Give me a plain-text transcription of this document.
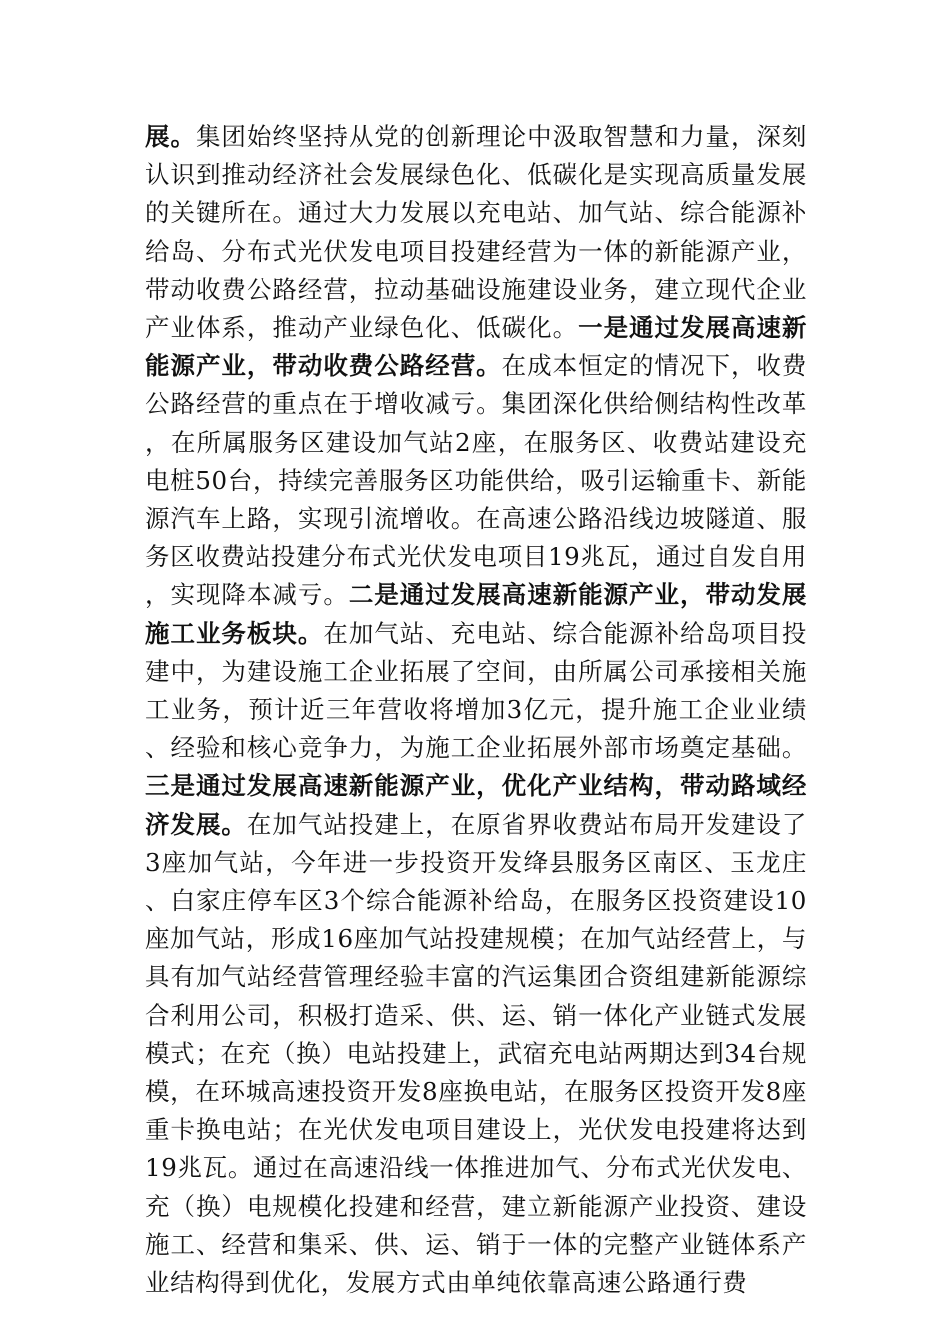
展。集团始终坚持从党的创新理论中汲取智慧和力量，深刻认识到推动经济社会发展绿色化、低碳化是实现高质量发展的关键所在。通过大力发展以充电站、加气站、综合能源补给岛、分布式光伏发电项目投建经营为一体的新能源产业，带动收费公路经营，拉动基础设施建设业务，建立现代企业产业体系，推动产业绿色化、低碳化。一是通过发展高速新能源产业，带动收费公路经营。在成本恒定的情况下，收费公路经营的重点在于增收减亏。集团深化供给侧结构性改革，在所属服务区建设加气站2座，在服务区、收费站建设充电桩50台，持续完善服务区功能供给，吸引运输重卡、新能源汽车上路，实现引流增收。在高速公路沿线边坡隧道、服务区收费站投建分布式光伏发电项目19兆瓦，通过自发自用，实现降本减亏。二是通过发展高速新能源产业，带动发展施工业务板块。在加气站、充电站、综合能源补给岛项目投建中，为建设施工企业拓展了空间，由所属公司承接相关施工业务，预计近三年营收将增加3亿元，提升施工企业业绩、经验和核心竞争力，为施工企业拓展外部市场奠定基础。三是通过发展高速新能源产业，优化产业结构，带动路域经济发展。在加气站投建上，在原省界收费站布局开发建设了3座加气站，今年进一步投资开发绛县服务区南区、玉龙庄、白家庄停车区3个综合能源补给岛，在服务区投资建设10座加气站，形成16座加气站投建规模；在加气站经营上，与具有加气站经营管理经验丰富的汽运集团合资组建新能源综合利用公司，积极打造采、供、运、销一体化产业链式发展模式；在充（换）电站投建上，武宿充电站两期达到34台规模，在环城高速投资开发8座换电站，在服务区投资开发8座重卡换电站；在光伏发电项目建设上，光伏发电投建将达到19兆瓦。通过在高速沿线一体推进加气、分布式光伏发电、充（换）电规模化投建和经营，建立新能源产业投资、建设施工、经营和集采、供、运、销于一体的完整产业链体系产业结构得到优化，发展方式由单纯依靠高速公路通行费
